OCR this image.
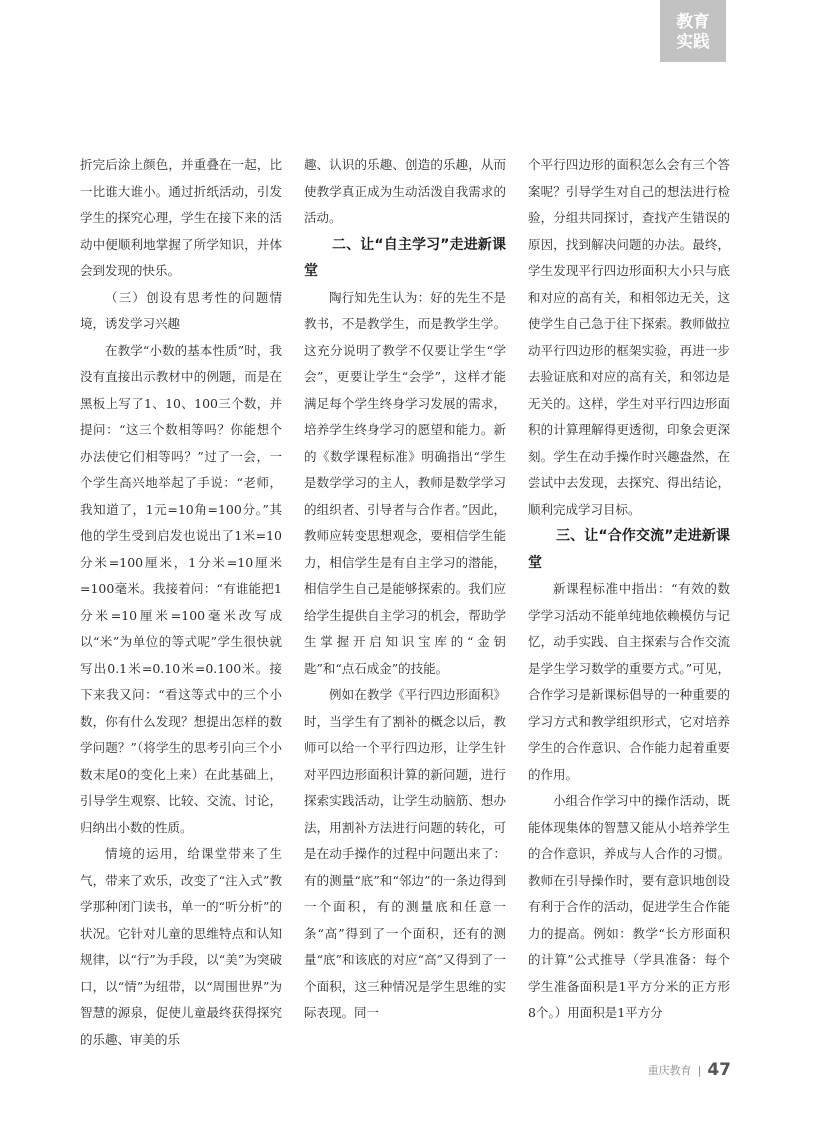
教育
实践

折完后涂上颜色，并重叠在一起，比一比谁大谁小。通过折纸活动，引发学生的探究心理，学生在接下来的活动中便顺利地掌握了所学知识，并体会到发现的快乐。

（三）创设有思考性的问题情境，诱发学习兴趣

在教学“小数的基本性质”时，我没有直接出示教材中的例题，而是在黑板上写了1、10、100三个数，并提问：“这三个数相等吗？你能想个办法使它们相等吗？”过了一会，一个学生高兴地举起了手说：“老师，我知道了，1元=10角=100分。”其他的学生受到启发也说出了1米=10分米=100厘米，1分米=10厘米=100毫米。我接着问：“有谁能把1分米=10厘米=100毫米改写成以“米”为单位的等式呢”学生很快就写出0.1米=0.10米=0.100米。接下来我又问：“看这等式中的三个小数，你有什么发现？想提出怎样的数学问题？”（将学生的思考引向三个小数末尾0的变化上来）在此基础上，引导学生观察、比较、交流、讨论，归纳出小数的性质。

情境的运用，给课堂带来了生气，带来了欢乐，改变了“注入式”教学那种闭门读书，单一的“听分析”的状况。它针对儿童的思维特点和认知规律，以“行”为手段，以“美”为突破口，以“情”为纽带，以“周围世界”为智慧的源泉，促使儿童最终获得探究的乐趣、审美的乐

趣、认识的乐趣、创造的乐趣，从而使教学真正成为生动活泼自我需求的活动。

二、让“自主学习”走进新课堂

陶行知先生认为：好的先生不是教书，不是教学生，而是教学生学。这充分说明了教学不仅要让学生“学会”，更要让学生“会学”，这样才能满足每个学生终身学习发展的需求，培养学生终身学习的愿望和能力。新的《数学课程标准》明确指出“学生是数学学习的主人，教师是数学学习的组织者、引导者与合作者。”因此，教师应转变思想观念，要相信学生能力，相信学生是有自主学习的潜能，相信学生自己是能够探索的。我们应给学生提供自主学习的机会，帮助学生掌握开启知识宝库的“金钥匙”和“点石成金”的技能。

例如在教学《平行四边形面积》时，当学生有了割补的概念以后，教师可以给一个平行四边形，让学生针对平四边形面积计算的新问题，进行探索实践活动，让学生动脑筋、想办法，用割补方法进行问题的转化，可是在动手操作的过程中问题出来了：有的测量“底”和“邻边”的一条边得到一个面积，有的测量底和任意一条“高”得到了一个面积，还有的测量“底”和该底的对应“高”又得到了一个面积，这三种情况是学生思维的实际表现。同一

个平行四边形的面积怎么会有三个答案呢？引导学生对自己的想法进行检验，分组共同探讨，查找产生错误的原因，找到解决问题的办法。最终，学生发现平行四边形面积大小只与底和对应的高有关，和相邻边无关，这使学生自己急于往下探索。教师做拉动平行四边形的框架实验，再进一步去验证底和对应的高有关，和邻边是无关的。这样，学生对平行四边形面积的计算理解得更透彻，印象会更深刻。学生在动手操作时兴趣盎然，在尝试中去发现，去探究、得出结论，顺利完成学习目标。

三、让“合作交流”走进新课堂

新课程标准中指出：“有效的数学学习活动不能单纯地依赖模仿与记忆，动手实践、自主探索与合作交流是学生学习数学的重要方式。”可见，合作学习是新课标倡导的一种重要的学习方式和教学组织形式，它对培养学生的合作意识、合作能力起着重要的作用。

小组合作学习中的操作活动，既能体现集体的智慧又能从小培养学生的合作意识，养成与人合作的习惯。教师在引导操作时，要有意识地创设有利于合作的活动，促进学生合作能力的提高。例如：教学“长方形面积的计算”公式推导（学具准备：每个学生准备面积是1平方分米的正方形8个。）用面积是1平方分

重庆教育 | 47
